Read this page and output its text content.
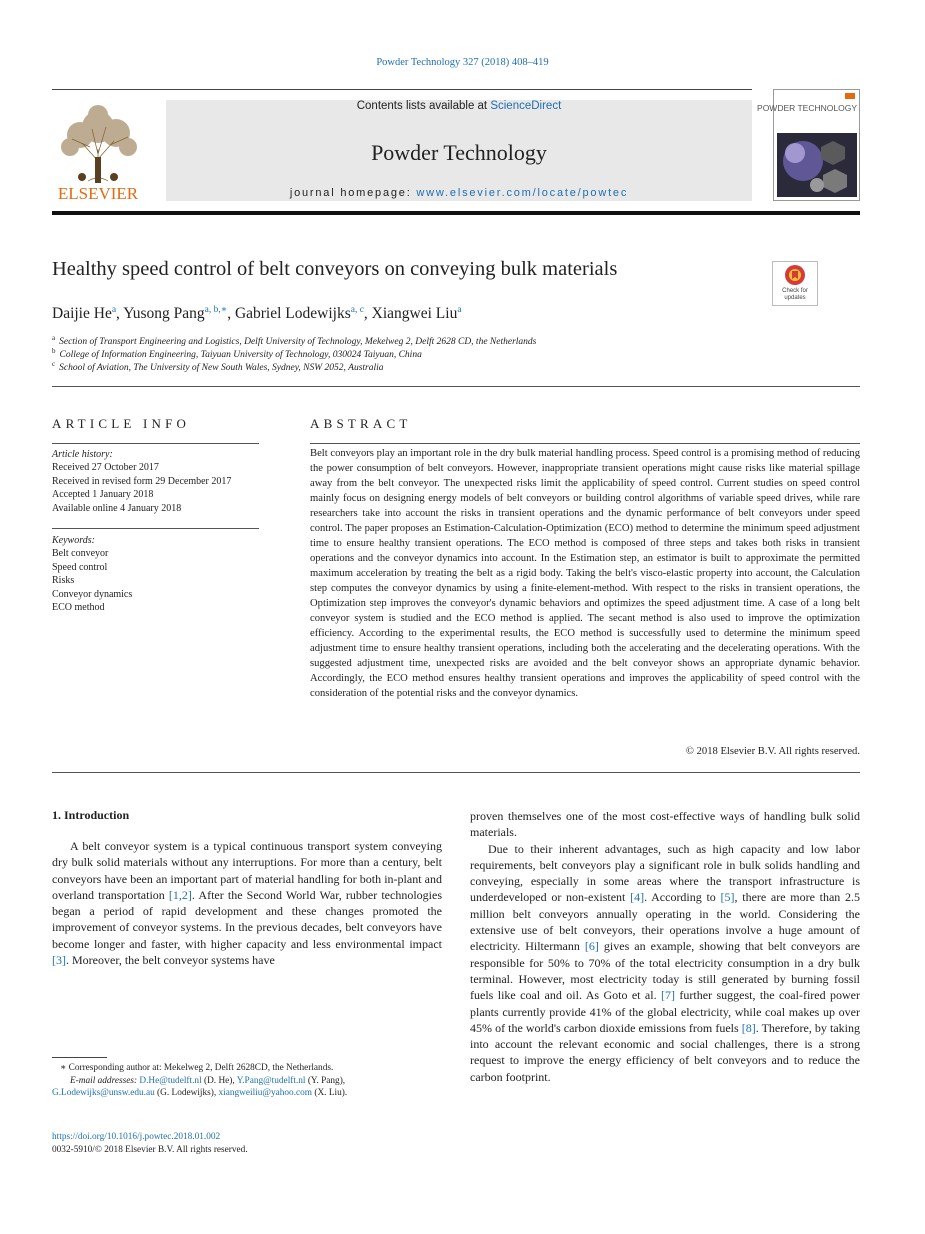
Powder Technology 327 (2018) 408–419
ELSEVIER
Contents lists available at ScienceDirect
Powder Technology
journal homepage: www.elsevier.com/locate/powtec
POWDER TECHNOLOGY
Healthy speed control of belt conveyors on conveying bulk materials
Check for updates
Daijie He$^a$, Yusong Pang$^{a, b,∗}$, Gabriel Lodewijks$^{a, c}$, Xiangwei Liu$^a$
$^a$ Section of Transport Engineering and Logistics, Delft University of Technology, Mekelweg 2, Delft 2628 CD, the Netherlands
$^b$ College of Information Engineering, Taiyuan University of Technology, 030024 Taiyuan, China
$^c$ School of Aviation, The University of New South Wales, Sydney, NSW 2052, Australia
ARTICLE INFO	ABSTRACT
Article history:
Received 27 October 2017
Received in revised form 29 December 2017
Accepted 1 January 2018
Available online 4 January 2018
Keywords:
Belt conveyor
Speed control
Risks
Conveyor dynamics
ECO method
Belt conveyors play an important role in the dry bulk material handling process. Speed control is a promising method of reducing the power consumption of belt conveyors. However, inappropriate transient operations might cause risks like material spillage away from the belt conveyor. The unexpected risks limit the applicability of speed control. Current studies on speed control mainly focus on designing energy models of belt conveyors or building control algorithms of variable speed drives, while rare researchers take into account the risks in transient operations and the dynamic performance of belt conveyors under speed control. The paper proposes an Estimation-Calculation-Optimization (ECO) method to determine the minimum speed adjustment time to ensure healthy transient operations. The ECO method is composed of three steps and takes both risks in transient operations and the conveyor dynamics into account. In the Estimation step, an estimator is built to approximate the permitted maximum acceleration by treating the belt as a rigid body. Taking the belt's visco-elastic property into account, the Calculation step computes the conveyor dynamics by using a finite-element-method. With respect to the risks in transient operations, the Optimization step improves the conveyor's dynamic behaviors and optimizes the speed adjustment time. A case of a long belt conveyor system is studied and the ECO method is applied. The secant method is also used to improve the optimization efficiency. According to the experimental results, the ECO method is successfully used to determine the minimum speed adjustment time to ensure healthy transient operations, including both the accelerating and the decelerating operations. With the suggested adjustment time, unexpected risks are avoided and the belt conveyor shows an appropriate dynamic behavior. Accordingly, the ECO method ensures healthy transient operations and improves the applicability of speed control with the consideration of the potential risks and the conveyor dynamics.
© 2018 Elsevier B.V. All rights reserved.
1. Introduction

A belt conveyor system is a typical continuous transport system conveying dry bulk solid materials without any interruptions. For more than a century, belt conveyors have been an important part of material handling for both in-plant and overland transportation [1,2]. After the Second World War, rubber technologies began a period of rapid development and these changes promoted the improvement of conveyor systems. In the previous decades, belt conveyors have become longer and faster, with higher capacity and less environmental impact [3]. Moreover, the belt conveyor systems have

proven themselves one of the most cost-effective ways of handling bulk solid materials.

Due to their inherent advantages, such as high capacity and low labor requirements, belt conveyors play a significant role in bulk solids handling and conveying, especially in some areas where the transport infrastructure is underdeveloped or non-existent [4]. According to [5], there are more than 2.5 million belt conveyors annually operating in the world. Considering the extensive use of belt conveyors, their operations involve a huge amount of electricity. Hiltermann [6] gives an example, showing that belt conveyors are responsible for 50% to 70% of the total electricity consumption in a dry bulk terminal. However, most electricity today is still generated by burning fossil fuels like coal and oil. As Goto et al. [7] further suggest, the coal-fired power plants currently provide 41% of the global electricity, while coal makes up over 45% of the world's carbon dioxide emissions from fuels [8]. Therefore, by taking into account the relevant economic and social challenges, there is a strong request to improve the energy efficiency of belt conveyors and to reduce the carbon footprint.

∗ Corresponding author at: Mekelweg 2, Delft 2628CD, the Netherlands.
E-mail addresses: D.He@tudelft.nl (D. He), Y.Pang@tudelft.nl (Y. Pang),
G.Lodewijks@unsw.edu.au (G. Lodewijks), xiangweiliu@yahoo.com (X. Liu).
https://doi.org/10.1016/j.powtec.2018.01.002
0032-5910/© 2018 Elsevier B.V. All rights reserved.
